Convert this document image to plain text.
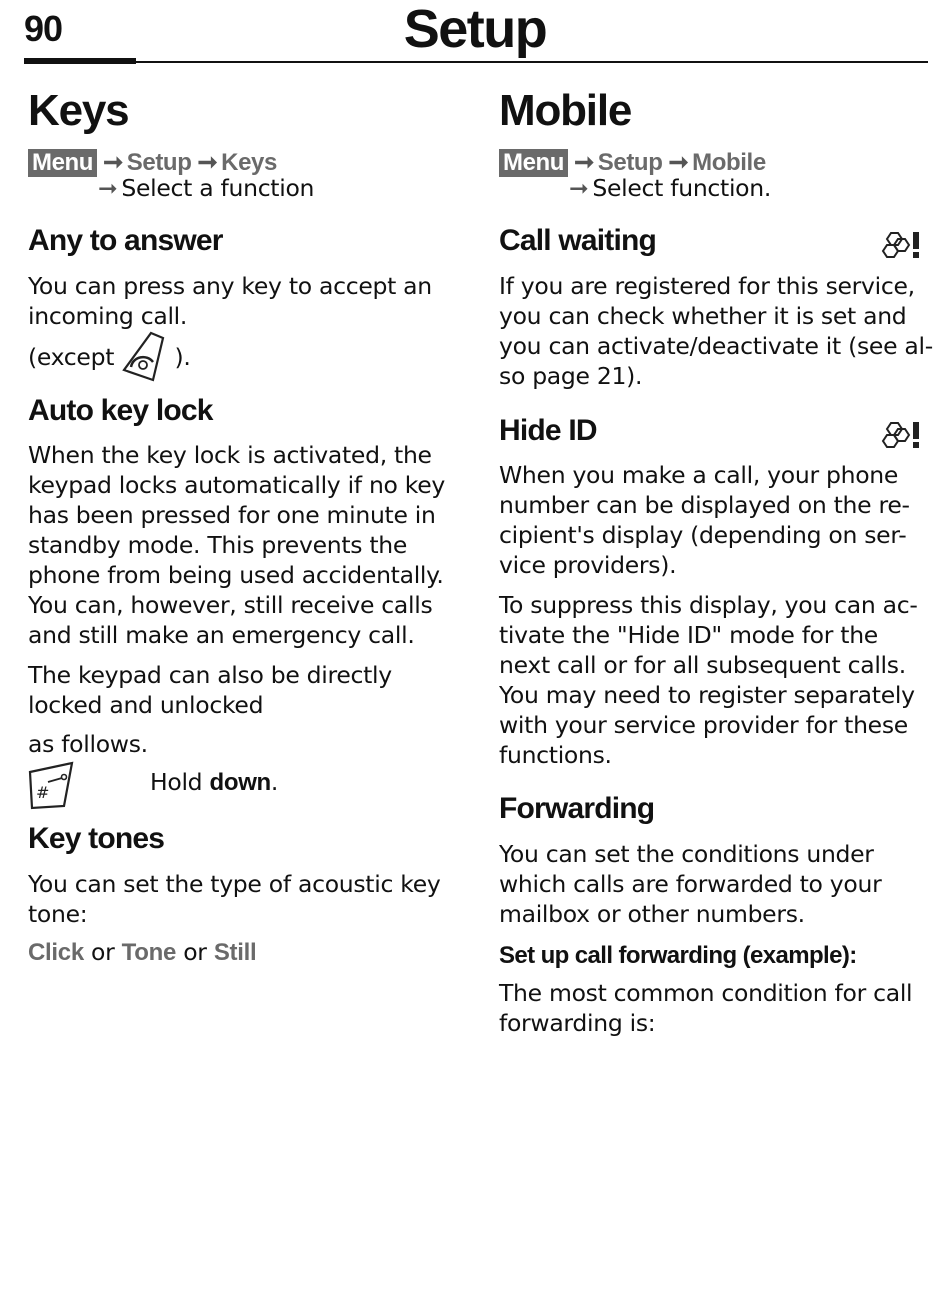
90	Setup
Keys
Menu ➞ Setup ➞ Keys
➞ Select a function
Any to answer
You can press any key to accept an
incoming call.
(except	).
Auto key lock
When the key lock is activated, the
keypad locks automatically if no key
has been pressed for one minute in
standby mode. This prevents the
phone from being used accidentally.
You can, however, still receive calls
and still make an emergency call.
The keypad can also be directly
locked and unlocked
as follows.
#	Hold down.
Key tones
You can set the type of acoustic key
tone:
Click or Tone or Still
Mobile
Menu ➞ Setup ➞ Mobile
➞ Select function.
Call waiting
If you are registered for this service,
you can check whether it is set and
you can activate/deactivate it (see al-
so page 21).
Hide ID
When you make a call, your phone
number can be displayed on the re-
cipient's display (depending on ser-
vice providers).
To suppress this display, you can ac-
tivate the "Hide ID" mode for the
next call or for all subsequent calls.
You may need to register separately
with your service provider for these
functions.
Forwarding
You can set the conditions under
which calls are forwarded to your
mailbox or other numbers.
Set up call forwarding (example):
The most common condition for call
forwarding is:
